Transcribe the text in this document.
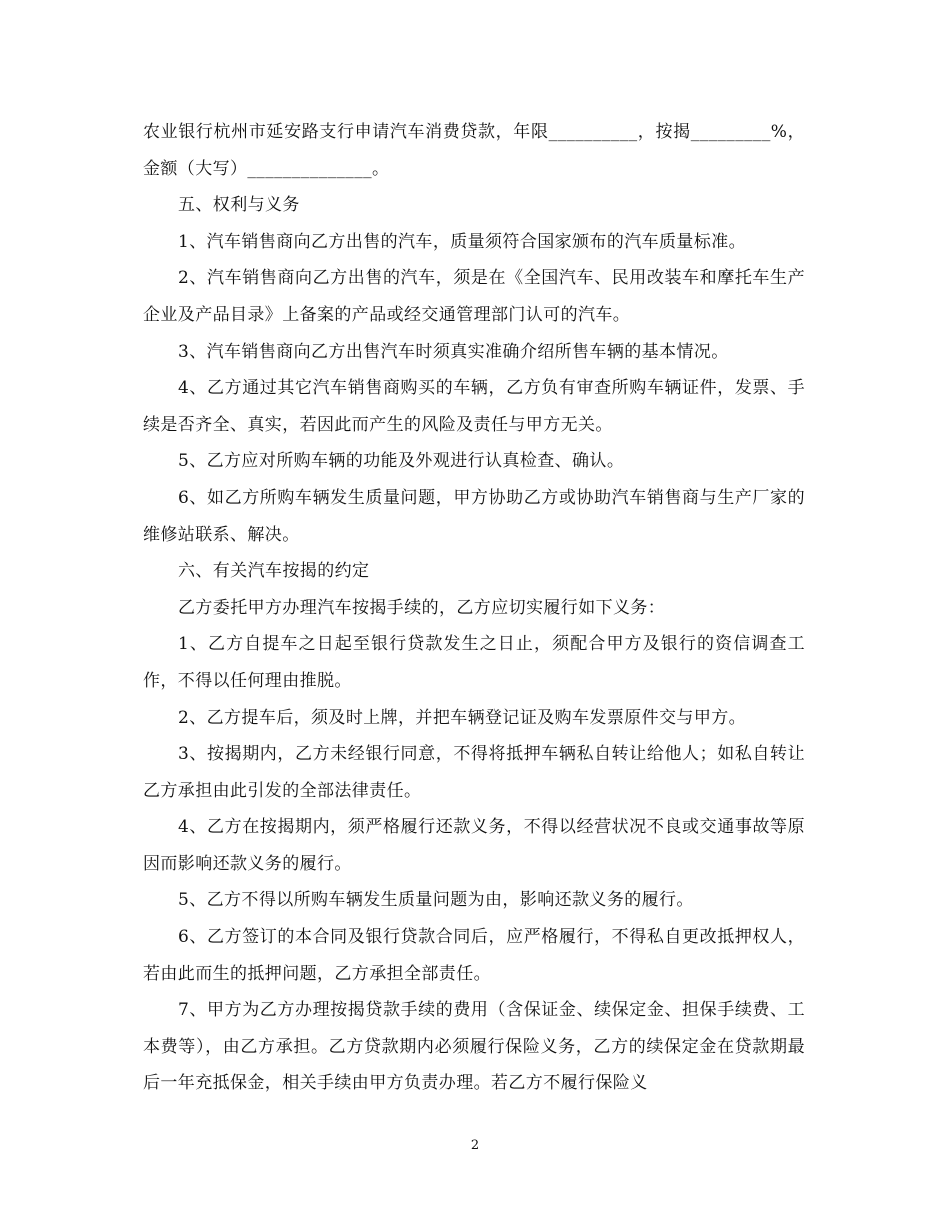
农业银行杭州市延安路支行申请汽车消费贷款，年限__________，按揭_________%，金额（大写）______________。

五、权利与义务

1、汽车销售商向乙方出售的汽车，质量须符合国家颁布的汽车质量标准。

2、汽车销售商向乙方出售的汽车，须是在《全国汽车、民用改装车和摩托车生产企业及产品目录》上备案的产品或经交通管理部门认可的汽车。

3、汽车销售商向乙方出售汽车时须真实准确介绍所售车辆的基本情况。

4、乙方通过其它汽车销售商购买的车辆，乙方负有审查所购车辆证件，发票、手续是否齐全、真实，若因此而产生的风险及责任与甲方无关。

5、乙方应对所购车辆的功能及外观进行认真检查、确认。

6、如乙方所购车辆发生质量问题，甲方协助乙方或协助汽车销售商与生产厂家的维修站联系、解决。

六、有关汽车按揭的约定

乙方委托甲方办理汽车按揭手续的，乙方应切实履行如下义务：

1、乙方自提车之日起至银行贷款发生之日止，须配合甲方及银行的资信调查工作，不得以任何理由推脱。

2、乙方提车后，须及时上牌，并把车辆登记证及购车发票原件交与甲方。

3、按揭期内，乙方未经银行同意，不得将抵押车辆私自转让给他人；如私自转让乙方承担由此引发的全部法律责任。

4、乙方在按揭期内，须严格履行还款义务，不得以经营状况不良或交通事故等原因而影响还款义务的履行。

5、乙方不得以所购车辆发生质量问题为由，影响还款义务的履行。

6、乙方签订的本合同及银行贷款合同后，应严格履行，不得私自更改抵押权人，若由此而生的抵押问题，乙方承担全部责任。

7、甲方为乙方办理按揭贷款手续的费用（含保证金、续保定金、担保手续费、工本费等），由乙方承担。乙方贷款期内必须履行保险义务，乙方的续保定金在贷款期最后一年充抵保金，相关手续由甲方负责办理。若乙方不履行保险义

2
